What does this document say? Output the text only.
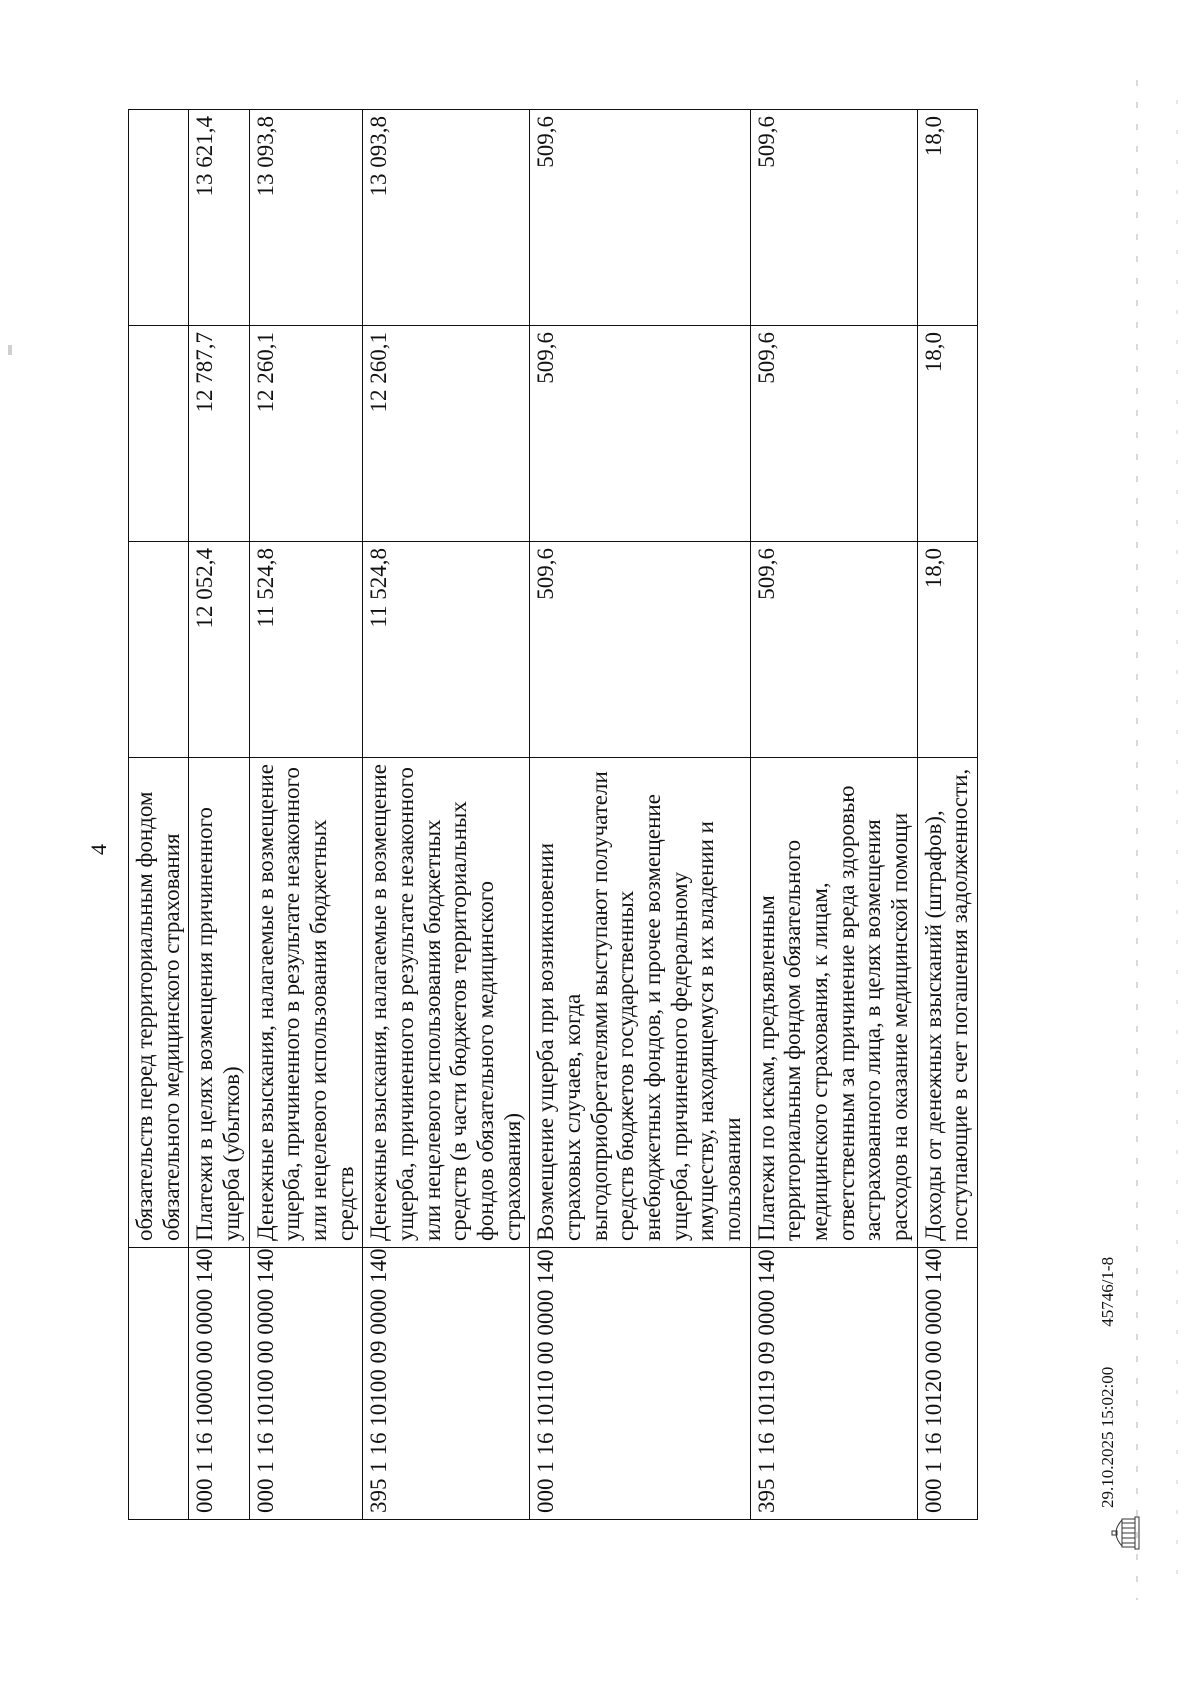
4
	обязательств перед территориальным фондом обязательного медицинского страхования			
000 1 16 10000 00 0000 140	Платежи в целях возмещения причиненного ущерба (убытков)	12 052,4	12 787,7	13 621,4
000 1 16 10100 00 0000 140	Денежные взыскания, налагаемые в возмещение ущерба, причиненного в результате незаконного или нецелевого использования бюджетных средств	11 524,8	12 260,1	13 093,8
395 1 16 10100 09 0000 140	Денежные взыскания, налагаемые в возмещение ущерба, причиненного в результате незаконного или нецелевого использования бюджетных средств (в части бюджетов территориальных фондов обязательного медицинского страхования)	11 524,8	12 260,1	13 093,8
000 1 16 10110 00 0000 140	Возмещение ущерба при возникновении страховых случаев, когда выгодоприобретателями выступают получатели средств бюджетов государственных внебюджетных фондов, и прочее возмещение ущерба, причиненного федеральному имуществу, находящемуся в их владении и пользовании	509,6	509,6	509,6
395 1 16 10119 09 0000 140	Платежи по искам, предъявленным территориальным фондом обязательного медицинского страхования, к лицам, ответственным за причинение вреда здоровью застрахованного лица, в целях возмещения расходов на оказание медицинской помощи	509,6	509,6	509,6
000 1 16 10120 00 0000 140	Доходы от денежных взысканий (штрафов), поступающие в счет погашения задолженности,	18,0	18,0	18,0
29.10.2025 15:02:00
45746/1-8
